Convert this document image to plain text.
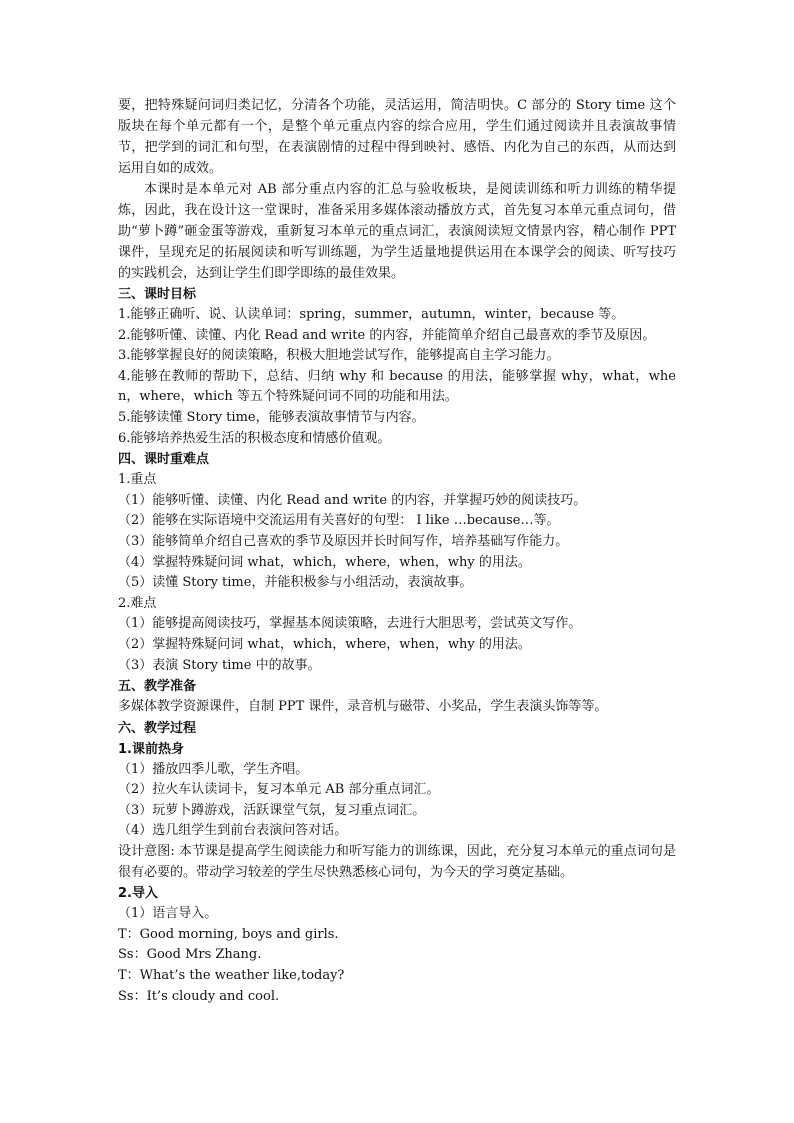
要，把特殊疑问词归类记忆，分清各个功能，灵活运用，简洁明快。C 部分的 Story time 这个版块在每个单元都有一个，是整个单元重点内容的综合应用，学生们通过阅读并且表演故事情节，把学到的词汇和句型，在表演剧情的过程中得到映衬、感悟、内化为自己的东西，从而达到运用自如的成效。

本课时是本单元对 AB 部分重点内容的汇总与验收板块，是阅读训练和听力训练的精华提炼，因此，我在设计这一堂课时，准备采用多媒体滚动播放方式，首先复习本单元重点词句，借助“萝卜蹲”砸金蛋等游戏，重新复习本单元的重点词汇，表演阅读短文情景内容，精心制作 PPT 课件，呈现充足的拓展阅读和听写训练题，为学生适量地提供运用在本课学会的阅读、听写技巧的实践机会，达到让学生们即学即练的最佳效果。

三、课时目标

1.能够正确听、说、认读单词：spring，summer，autumn，winter，because 等。

2.能够听懂、读懂、内化 Read and write 的内容，并能简单介绍自己最喜欢的季节及原因。

3.能够掌握良好的阅读策略，积极大胆地尝试写作，能够提高自主学习能力。

4.能够在教师的帮助下，总结、归纳 why 和 because 的用法，能够掌握 why，what，when，where，which 等五个特殊疑问词不同的功能和用法。

5.能够读懂 Story time，能够表演故事情节与内容。

6.能够培养热爱生活的积极态度和情感价值观。

四、课时重难点

1.重点

（1）能够听懂、读懂、内化 Read and write 的内容，并掌握巧妙的阅读技巧。

（2）能够在实际语境中交流运用有关喜好的句型： I like …because…等。

（3）能够简单介绍自己喜欢的季节及原因并长时间写作，培养基础写作能力。

（4）掌握特殊疑问词 what，which，where，when，why 的用法。

（5）读懂 Story time，并能积极参与小组活动，表演故事。

2.难点

（1）能够提高阅读技巧，掌握基本阅读策略，去进行大胆思考，尝试英文写作。

（2）掌握特殊疑问词 what，which，where，when，why 的用法。

（3）表演 Story time 中的故事。

五、教学准备

多媒体教学资源课件，自制 PPT 课件，录音机与磁带、小奖品，学生表演头饰等等。

六、教学过程

1.课前热身

（1）播放四季儿歌，学生齐唱。

（2）拉火车认读词卡，复习本单元 AB 部分重点词汇。

（3）玩萝卜蹲游戏，活跃课堂气氛，复习重点词汇。

（4）选几组学生到前台表演问答对话。

设计意图: 本节课是提高学生阅读能力和听写能力的训练课，因此，充分复习本单元的重点词句是很有必要的。带动学习较差的学生尽快熟悉核心词句，为今天的学习奠定基础。

2.导入

（1）语言导入。

T：Good morning, boys and girls.

Ss：Good Mrs Zhang.

T：What’s the weather like,today?

Ss：It’s cloudy and cool.
